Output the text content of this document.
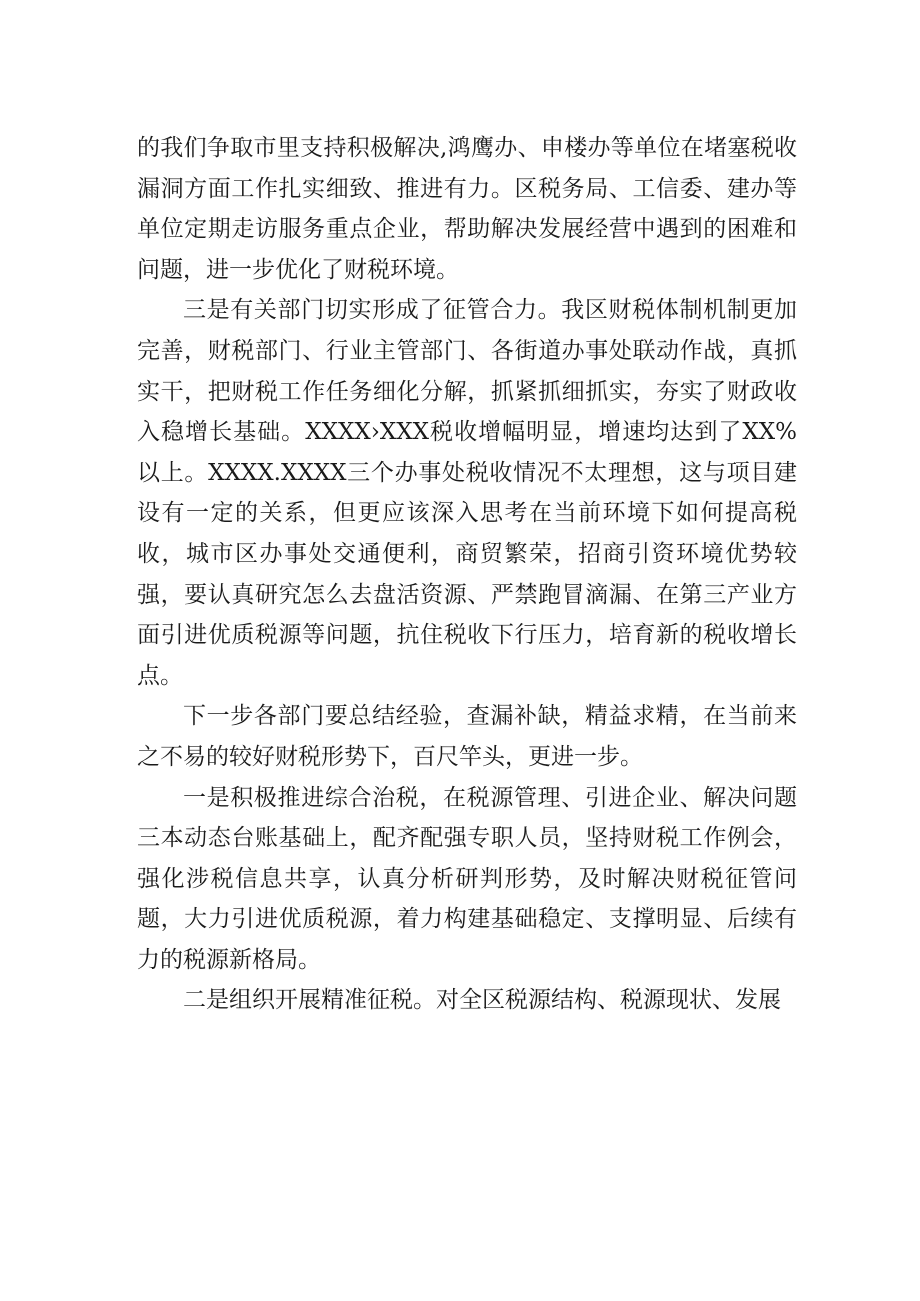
的我们争取市里支持积极解决,鸿鹰办、申楼办等单位在堵塞税收漏洞方面工作扎实细致、推进有力。区税务局、工信委、建办等单位定期走访服务重点企业，帮助解决发展经营中遇到的困难和问题，进一步优化了财税环境。

三是有关部门切实形成了征管合力。我区财税体制机制更加完善，财税部门、行业主管部门、各街道办事处联动作战，真抓实干，把财税工作任务细化分解，抓紧抓细抓实，夯实了财政收入稳增长基础。XXXX›XXX税收增幅明显，增速均达到了XX%以上。XXXX.XXXX三个办事处税收情况不太理想，这与项目建设有一定的关系，但更应该深入思考在当前环境下如何提高税收，城市区办事处交通便利，商贸繁荣，招商引资环境优势较强，要认真研究怎么去盘活资源、严禁跑冒滴漏、在第三产业方面引进优质税源等问题，抗住税收下行压力，培育新的税收增长点。

下一步各部门要总结经验，查漏补缺，精益求精，在当前来之不易的较好财税形势下，百尺竿头，更进一步。

一是积极推进综合治税，在税源管理、引进企业、解决问题三本动态台账基础上，配齐配强专职人员，坚持财税工作例会，强化涉税信息共享，认真分析研判形势，及时解决财税征管问题，大力引进优质税源，着力构建基础稳定、支撑明显、后续有力的税源新格局。

二是组织开展精准征税。对全区税源结构、税源现状、发展
